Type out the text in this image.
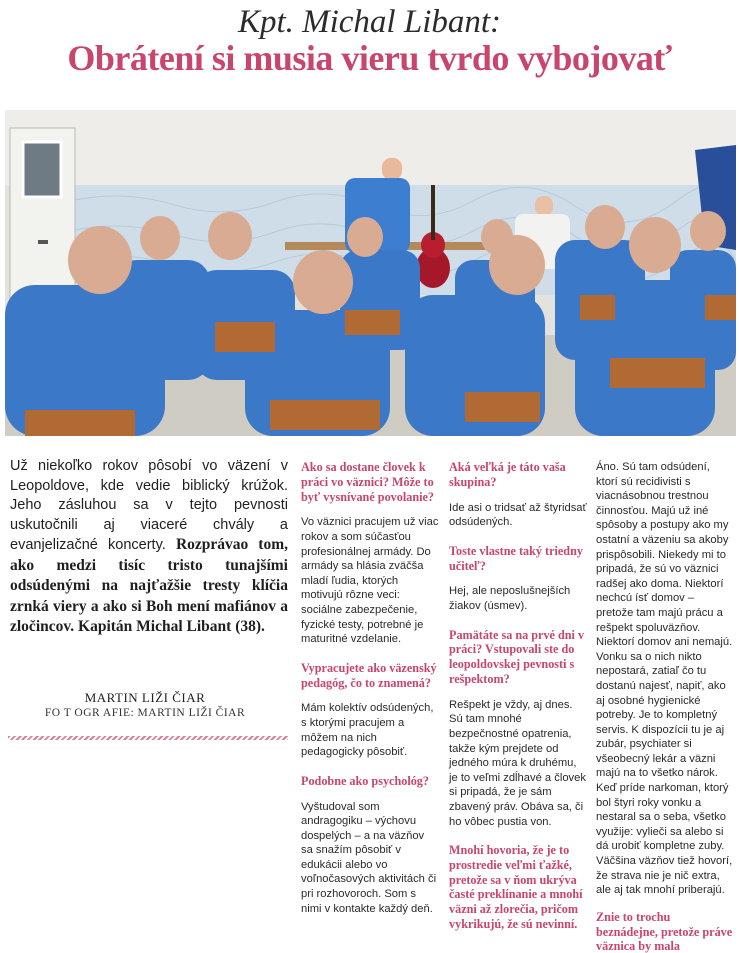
Kpt. Michal Libant:
Obrátení si musia vieru tvrdo vybojovať
Už niekoľko rokov pôsobí vo väzení v Leopoldove, kde vedie biblický krúžok. Jeho zásluhou sa v tejto pevnosti uskutočnili aj viaceré chvály a evanjelizačné koncerty. Rozprávao tom, ako medzi tisíc tristo tunajšími odsúdenými na najťažšie tresty klíčia zrnká viery a ako si Boh mení mafiánov a zločincov. Kapitán Michal Libant (38).
MARTIN LIŽI ČIAR
FO T OGR AFIE: MARTIN LIŽI ČIAR
Ako sa dostane človek k práci vo väznici? Môže to byť vysnívané povolanie?
Vo väznici pracujem už viac rokov a som súčasťou profesionálnej armády. Do armády sa hlásia zväčša mladí ľudia, ktorých motivujú rôzne veci: sociálne zabezpečenie, fyzické testy, potrebné je maturitné vzdelanie.
Vypracujete ako väzenský pedagóg, čo to znamená?
Mám kolektív odsúdených, s ktorými pracujem a môžem na nich pedagogicky pôsobiť.
Podobne ako psychológ?
Vyštudoval som andragogiku – výchovu dospelých – a na väzňov sa snažím pôsobiť v edukácii alebo vo voľnočasových aktivitách či pri rozhovoroch. Som s nimi v kontakte každý deň.
Aká veľká je táto vaša skupina?
Ide asi o tridsať až štyridsať odsúdených.
Toste vlastne taký triedny učiteľ?
Hej, ale neposlušnejších žiakov (úsmev).
Pamätáte sa na prvé dni v práci? Vstupovali ste do leopoldovskej pevnosti s rešpektom?
Rešpekt je vždy, aj dnes. Sú tam mnohé bezpečnostné opatrenia, takže kým prejdete od jedného múra k druhému, je to veľmi zdĺhavé a človek si pripadá, že je sám zbavený práv. Obáva sa, či ho vôbec pustia von.
Mnohí hovoria, že je to prostredie veľmi ťažké, pretože sa v ňom ukrýva časté preklínanie a mnohí väzni až zlorečia, pričom vykrikujú, že sú nevinní.
Áno. Sú tam odsúdení, ktorí sú recidivisti s viacnásobnou trestnou činnosťou. Majú už iné spôsoby a postupy ako my ostatní a väzeniu sa akoby prispôsobili. Niekedy mi to pripadá, že sú vo väznici radšej ako doma. Niektorí nechcú ísť domov – pretože tam majú prácu a rešpekt spoluväzňov. Niektorí domov ani nemajú. Vonku sa o nich nikto nepostará, zatiaľ čo tu dostanú najesť, napiť, ako aj osobné hygienické potreby. Je to kompletný servis. K dispozícii tu je aj zubár, psychiater si všeobecný lekár a väzni majú na to všetko nárok. Keď príde narkoman, ktorý bol štyri roky vonku a nestaral sa o seba, všetko využije: vylieči sa alebo si dá urobiť kompletne zuby. Väčšina väzňov tiež hovorí, že strava nie je nič extra, ale aj tak mnohí priberajú.
Znie to trochu beznádejne, pretože práve väznica by mala
